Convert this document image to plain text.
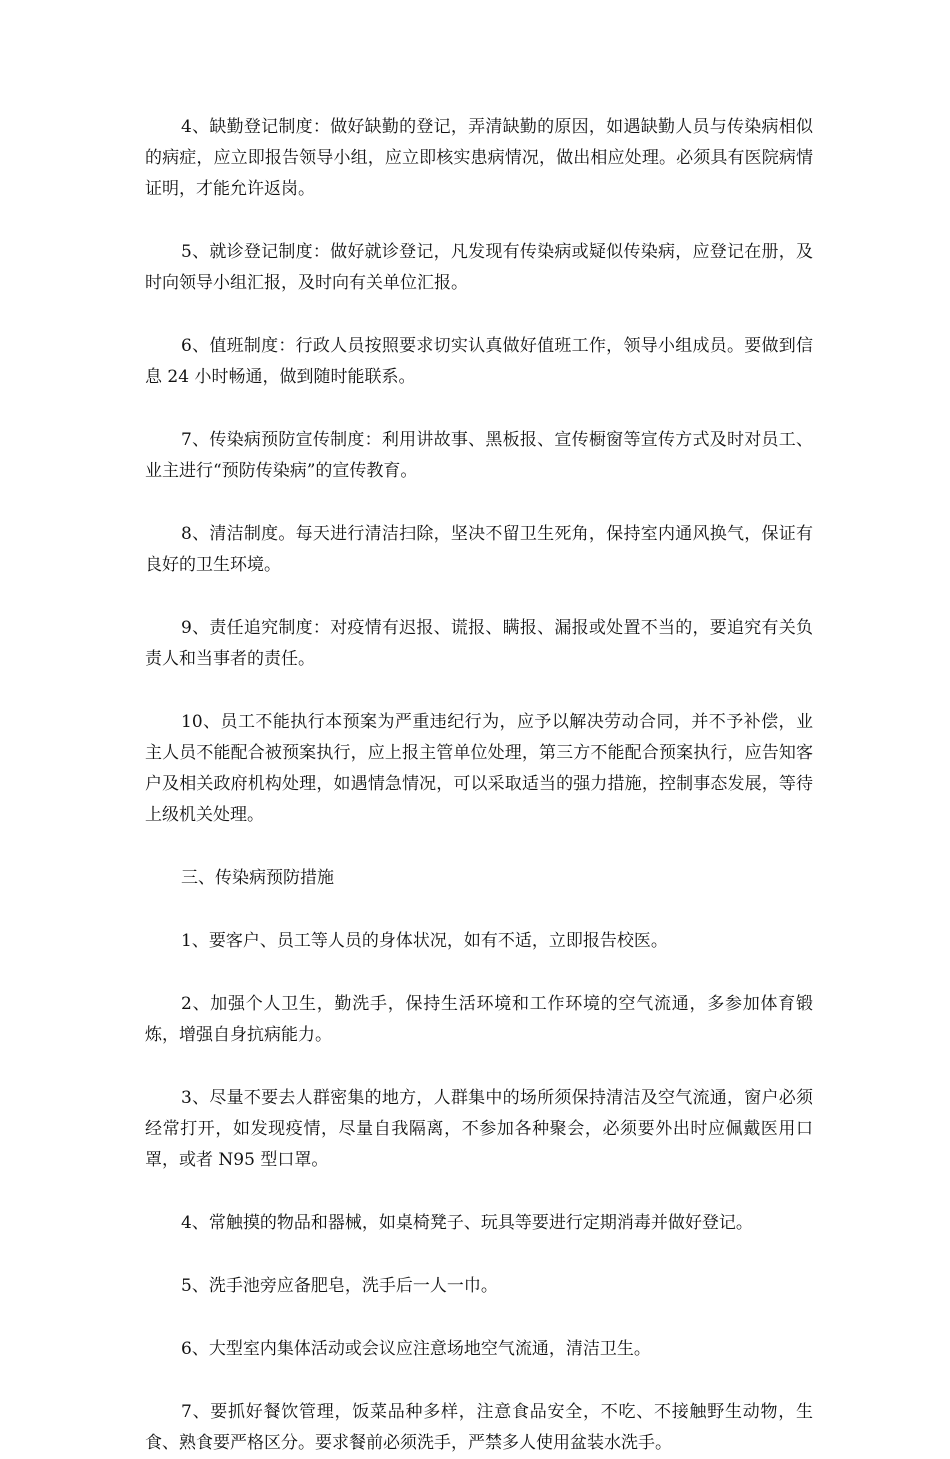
4、缺勤登记制度：做好缺勤的登记，弄清缺勤的原因，如遇缺勤人员与传染病相似的病症，应立即报告领导小组，应立即核实患病情况，做出相应处理。必须具有医院病情证明，才能允许返岗。

5、就诊登记制度：做好就诊登记，凡发现有传染病或疑似传染病，应登记在册，及时向领导小组汇报，及时向有关单位汇报。

6、值班制度：行政人员按照要求切实认真做好值班工作，领导小组成员。要做到信息 24 小时畅通，做到随时能联系。

7、传染病预防宣传制度：利用讲故事、黑板报、宣传橱窗等宣传方式及时对员工、业主进行“预防传染病”的宣传教育。

8、清洁制度。每天进行清洁扫除，坚决不留卫生死角，保持室内通风换气，保证有良好的卫生环境。

9、责任追究制度：对疫情有迟报、谎报、瞒报、漏报或处置不当的，要追究有关负责人和当事者的责任。

10、员工不能执行本预案为严重违纪行为，应予以解决劳动合同，并不予补偿，业主人员不能配合被预案执行，应上报主管单位处理，第三方不能配合预案执行，应告知客户及相关政府机构处理，如遇情急情况，可以采取适当的强力措施，控制事态发展，等待上级机关处理。

三、传染病预防措施

1、要客户、员工等人员的身体状况，如有不适，立即报告校医。

2、加强个人卫生，勤洗手，保持生活环境和工作环境的空气流通，多参加体育锻炼，增强自身抗病能力。

3、尽量不要去人群密集的地方，人群集中的场所须保持清洁及空气流通，窗户必须经常打开，如发现疫情，尽量自我隔离，不参加各种聚会，必须要外出时应佩戴医用口罩，或者 N95 型口罩。

4、常触摸的物品和器械，如桌椅凳子、玩具等要进行定期消毒并做好登记。

5、洗手池旁应备肥皂，洗手后一人一巾。

6、大型室内集体活动或会议应注意场地空气流通，清洁卫生。

7、要抓好餐饮管理，饭菜品种多样，注意食品安全，不吃、不接触野生动物，生食、熟食要严格区分。要求餐前必须洗手，严禁多人使用盆装水洗手。
